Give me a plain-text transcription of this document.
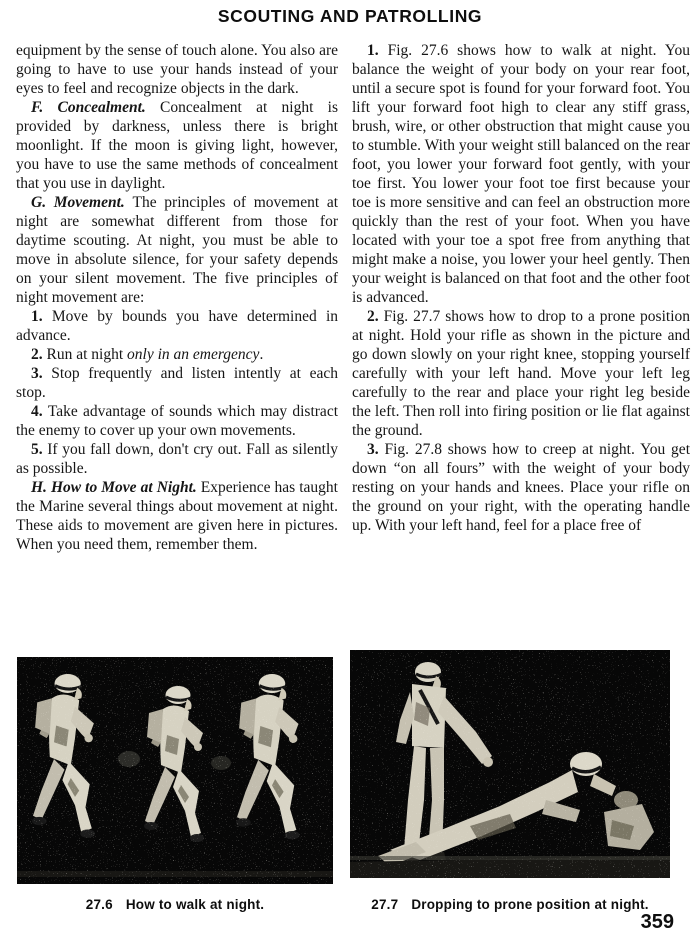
SCOUTING AND PATROLLING

equipment by the sense of touch alone. You also are going to have to use your hands instead of your eyes to feel and recognize objects in the dark.

F. Concealment. Concealment at night is provided by darkness, unless there is bright moonlight. If the moon is giving light, however, you have to use the same methods of concealment that you use in daylight.

G. Movement. The principles of movement at night are somewhat different from those for daytime scouting. At night, you must be able to move in absolute silence, for your safety depends on your silent movement. The five principles of night movement are:

1. Move by bounds you have determined in advance.

2. Run at night only in an emergency.

3. Stop frequently and listen intently at each stop.

4. Take advantage of sounds which may distract the enemy to cover up your own movements.

5. If you fall down, don't cry out. Fall as silently as possible.

H. How to Move at Night. Experience has taught the Marine several things about movement at night. These aids to movement are given here in pictures. When you need them, remember them.

1. Fig. 27.6 shows how to walk at night. You balance the weight of your body on your rear foot, until a secure spot is found for your forward foot. You lift your forward foot high to clear any stiff grass, brush, wire, or other obstruction that might cause you to stumble. With your weight still balanced on the rear foot, you lower your forward foot gently, with your toe first. You lower your foot toe first because your toe is more sensitive and can feel an obstruction more quickly than the rest of your foot. When you have located with your toe a spot free from anything that might make a noise, you lower your heel gently. Then your weight is balanced on that foot and the other foot is advanced.

2. Fig. 27.7 shows how to drop to a prone position at night. Hold your rifle as shown in the picture and go down slowly on your right knee, stopping yourself carefully with your left hand. Move your left leg carefully to the rear and place your right leg beside the left. Then roll into firing position or lie flat against the ground.

3. Fig. 27.8 shows how to creep at night. You get down “on all fours” with the weight of your body resting on your hands and knees. Place your rifle on the ground on your right, with the operating handle up. With your left hand, feel for a place free of

27.6 How to walk at night.	27.7 Dropping to prone position at night.
359
